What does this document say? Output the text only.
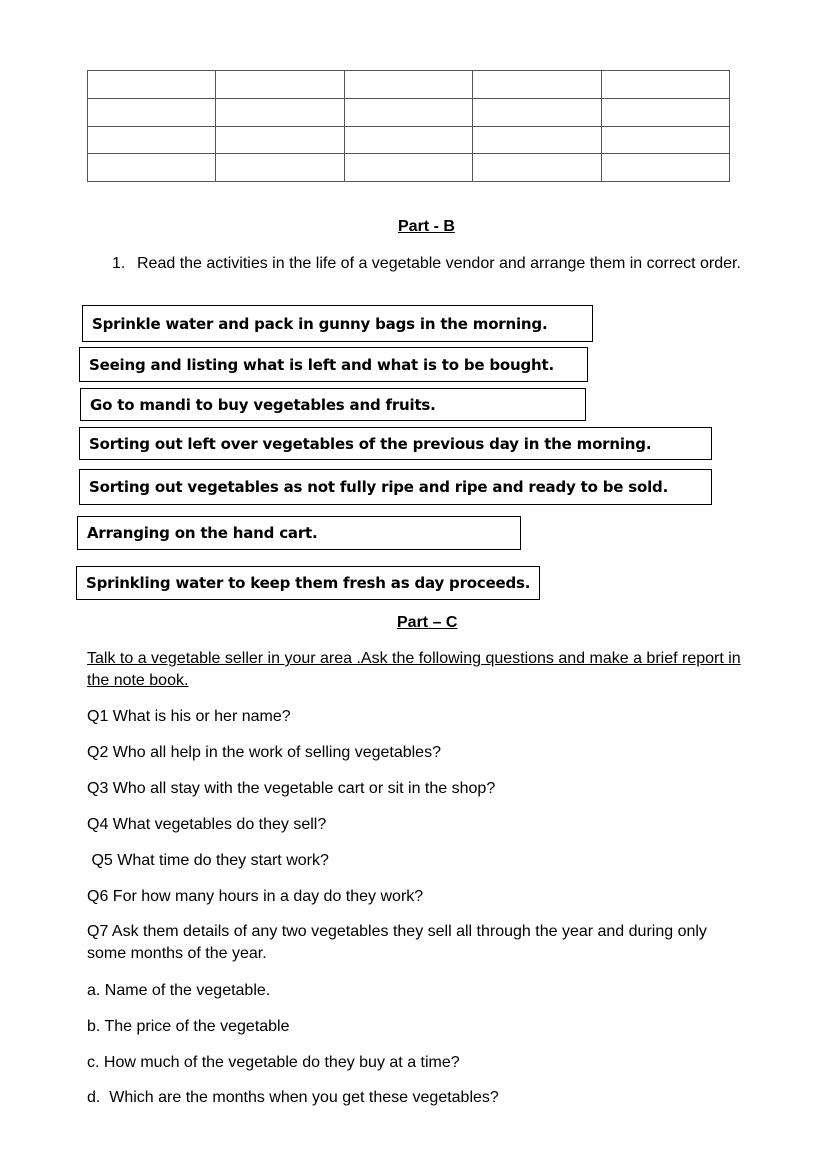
Part - B
1. Read the activities in the life of a vegetable vendor and arrange them in correct order.
Sprinkle water and pack in gunny bags in the morning.
Seeing and listing what is left and what is to be bought.
Go to mandi to buy vegetables and fruits.
Sorting out left over vegetables of the previous day in the morning.
Sorting out vegetables as not fully ripe and ripe and ready to be sold.
Arranging on the hand cart.
Sprinkling water to keep them fresh as day proceeds.
Part – C
Talk to a vegetable seller in your area .Ask the following questions and make a brief report in the note book.
Q1 What is his or her name?
Q2 Who all help in the work of selling vegetables?
Q3 Who all stay with the vegetable cart or sit in the shop?
Q4 What vegetables do they sell?
Q5 What time do they start work?
Q6 For how many hours in a day do they work?
Q7 Ask them details of any two vegetables they sell all through the year and during only some months of the year.
a. Name of the vegetable.
b. The price of the vegetable
c. How much of the vegetable do they buy at a time?
d.  Which are the months when you get these vegetables?
